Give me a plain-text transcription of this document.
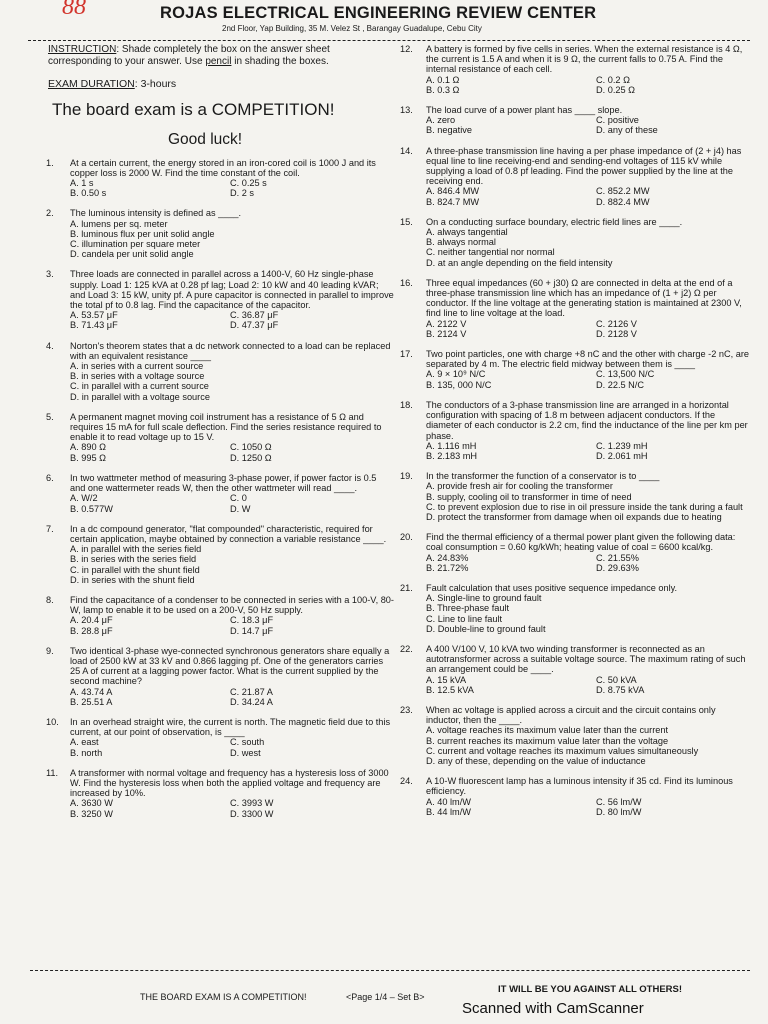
88	ROJAS ELECTRICAL ENGINEERING REVIEW CENTER
2nd Floor, Yap Building, 35 M. Velez St , Barangay Guadalupe, Cebu City
INSTRUCTION: Shade completely the box on the answer sheet corresponding to your answer. Use pencil in shading the boxes.
EXAM DURATION: 3-hours
The board exam is a COMPETITION!
Good luck!
1. At a certain current, the energy stored in an iron-cored coil is 1000 J and its copper loss is 2000 W. Find the time constant of the coil.
A. 1 s	C. 0.25 s
B. 0.50 s	D. 2 s
2. The luminous intensity is defined as ____.
A. lumens per sq. meter
B. luminous flux per unit solid angle
C. illumination per square meter
D. candela per unit solid angle
3. Three loads are connected in parallel across a 1400-V, 60 Hz single-phase supply. Load 1: 125 kVA at 0.28 pf lag; Load 2: 10 kW and 40 leading kVAR; and Load 3: 15 kW, unity pf. A pure capacitor is connected in parallel to improve the total pf to 0.8 lag. Find the capacitance of the capacitor.
A. 53.57 μF	C. 36.87 μF
B. 71.43 μF	D. 47.37 μF
4. Norton's theorem states that a dc network connected to a load can be replaced with an equivalent resistance ____
A. in series with a current source
B. in series with a voltage source
C. in parallel with a current source
D. in parallel with a voltage source
5. A permanent magnet moving coil instrument has a resistance of 5 Ω and requires 15 mA for full scale deflection. Find the series resistance required to enable it to read voltage up to 15 V.
A. 890 Ω	C. 1050 Ω
B. 995 Ω	D. 1250 Ω
6. In two wattmeter method of measuring 3-phase power, if power factor is 0.5 and one wattermeter reads W, then the other wattmeter will read ____.
A. W/2	C. 0
B. 0.577W	D. W
7. In a dc compound generator, "flat compounded" characteristic, required for certain application, maybe obtained by connection a variable resistance ____.
A. in parallel with the series field
B. in series with the series field
C. in parallel with the shunt field
D. in series with the shunt field
8. Find the capacitance of a condenser to be connected in series with a 100-V, 80-W, lamp to enable it to be used on a 200-V, 50 Hz supply.
A. 20.4 μF	C. 18.3 μF
B. 28.8 μF	D. 14.7 μF
9. Two identical 3-phase wye-connected synchronous generators share equally a load of 2500 kW at 33 kV and 0.866 lagging pf. One of the generators carries 25 A of current at a lagging power factor. What is the current supplied by the second machine?
A. 43.74 A	C. 21.87 A
B. 25.51 A	D. 34.24 A
10. In an overhead straight wire, the current is north. The magnetic field due to this current, at our point of observation, is ____
A. east	C. south
B. north	D. west
11. A transformer with normal voltage and frequency has a hysteresis loss of 3000 W. Find the hysteresis loss when both the applied voltage and frequency are increased by 10%.
A. 3630 W	C. 3993 W
B. 3250 W	D. 3300 W
12. A battery is formed by five cells in series. When the external resistance is 4 Ω, the current is 1.5 A and when it is 9 Ω, the current falls to 0.75 A. Find the internal resistance of each cell.
A. 0.1 Ω	C. 0.2 Ω
B. 0.3 Ω	D. 0.25 Ω
13. The load curve of a power plant has ____ slope.
A. zero	C. positive
B. negative	D. any of these
14. A three-phase transmission line having a per phase impedance of (2 + j4) has equal line to line receiving-end and sending-end voltages of 115 kV while supplying a load of 0.8 pf leading. Find the power supplied by the line at the receiving end.
A. 846.4 MW	C. 852.2 MW
B. 824.7 MW	D. 882.4 MW
15. On a conducting surface boundary, electric field lines are ____.
A. always tangential
B. always normal
C. neither tangential nor normal
D. at an angle depending on the field intensity
16. Three equal impedances (60 + j30) Ω are connected in delta at the end of a three-phase transmission line which has an impedance of (1 + j2) Ω per conductor. If the line voltage at the generating station is maintained at 2300 V, find line to line voltage at the load.
A. 2122 V	C. 2126 V
B. 2124 V	D. 2128 V
17. Two point particles, one with charge +8 nC and the other with charge -2 nC, are separated by 4 m. The electric field midway between them is ____
A. 9 × 10⁹ N/C	C. 13,500 N/C
B. 135, 000 N/C	D. 22.5 N/C
18. The conductors of a 3-phase transmission line are arranged in a horizontal configuration with spacing of 1.8 m between adjacent conductors. If the diameter of each conductor is 2.2 cm, find the inductance of the line per km per phase.
A. 1.116 mH	C. 1.239 mH
B. 2.183 mH	D. 2.061 mH
19. In the transformer the function of a conservator is to ____
A. provide fresh air for cooling the transformer
B. supply, cooling oil to transformer in time of need
C. to prevent explosion due to rise in oil pressure inside the tank during a fault
D. protect the transformer from damage when oil expands due to heating
20. Find the thermal efficiency of a thermal power plant given the following data: coal consumption = 0.60 kg/kWh; heating value of coal = 6600 kcal/kg.
A. 24.83%	C. 21.55%
B. 21.72%	D. 29.63%
21. Fault calculation that uses positive sequence impedance only.
A. Single-line to ground fault
B. Three-phase fault
C. Line to line fault
D. Double-line to ground fault
22. A 400 V/100 V, 10 kVA two winding transformer is reconnected as an autotransformer across a suitable voltage source. The maximum rating of such an arrangement could be ____.
A. 15 kVA	C. 50 kVA
B. 12.5 kVA	D. 8.75 kVA
23. When ac voltage is applied across a circuit and the circuit contains only inductor, then the ____.
A. voltage reaches its maximum value later than the current
B. current reaches its maximum value later than the voltage
C. current and voltage reaches its maximum values simultaneously
D. any of these, depending on the value of inductance
24. A 10-W fluorescent lamp has a luminous intensity if 35 cd. Find its luminous efficiency.
A. 40 lm/W	C. 56 lm/W
B. 44 lm/W	D. 80 lm/W
THE BOARD EXAM IS A COMPETITION!	<Page 1/4 – Set B>
IT WILL BE YOU AGAINST ALL OTHERS!
Scanned with CamScanner
